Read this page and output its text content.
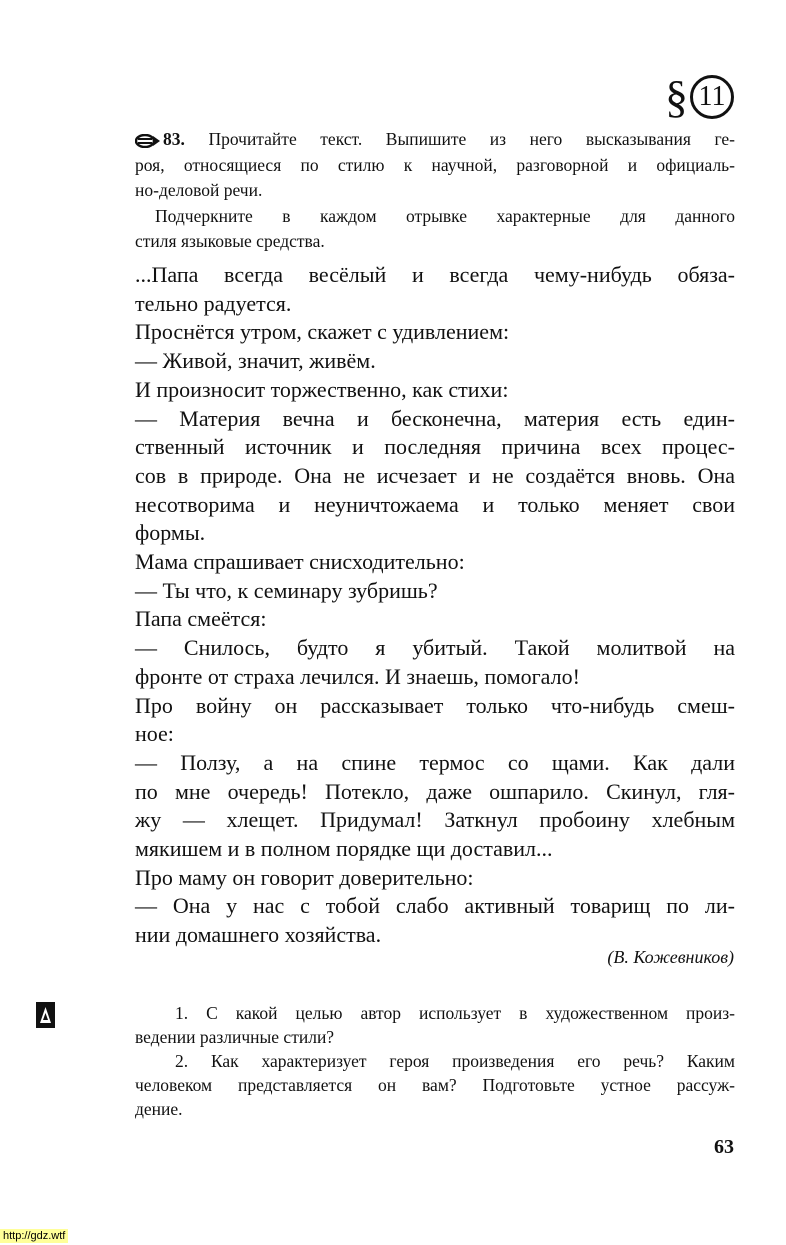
§ 11
83. Прочитайте текст. Выпишите из него высказывания ге-
роя, относящиеся по стилю к научной, разговорной и официаль-
но-деловой речи.
Подчеркните в каждом отрывке характерные для данного
стиля языковые средства.
...Папа всегда весёлый и всегда чему-нибудь обяза-
тельно радуется.
Проснётся утром, скажет с удивлением:
— Живой, значит, живём.
И произносит торжественно, как стихи:
— Материя вечна и бесконечна, материя есть един-
ственный источник и последняя причина всех процес-
сов в природе. Она не исчезает и не создаётся вновь. Она
несотворима и неуничтожаема и только меняет свои
формы.
Мама спрашивает снисходительно:
— Ты что, к семинару зубришь?
Папа смеётся:
— Снилось, будто я убитый. Такой молитвой на
фронте от страха лечился. И знаешь, помогало!
Про войну он рассказывает только что-нибудь смеш-
ное:
— Ползу, а на спине термос со щами. Как дали
по мне очередь! Потекло, даже ошпарило. Скинул, гля-
жу — хлещет. Придумал! Заткнул пробоину хлебным
мякишем и в полном порядке щи доставил...
Про маму он говорит доверительно:
— Она у нас с тобой слабо активный товарищ по ли-
нии домашнего хозяйства.
(В. Кожевников)
1. С какой целью автор использует в художественном произ-
ведении различные стили?
2. Как характеризует героя произведения его речь? Каким
человеком представляется он вам? Подготовьте устное рассуж-
дение.
63
http://gdz.wtf
